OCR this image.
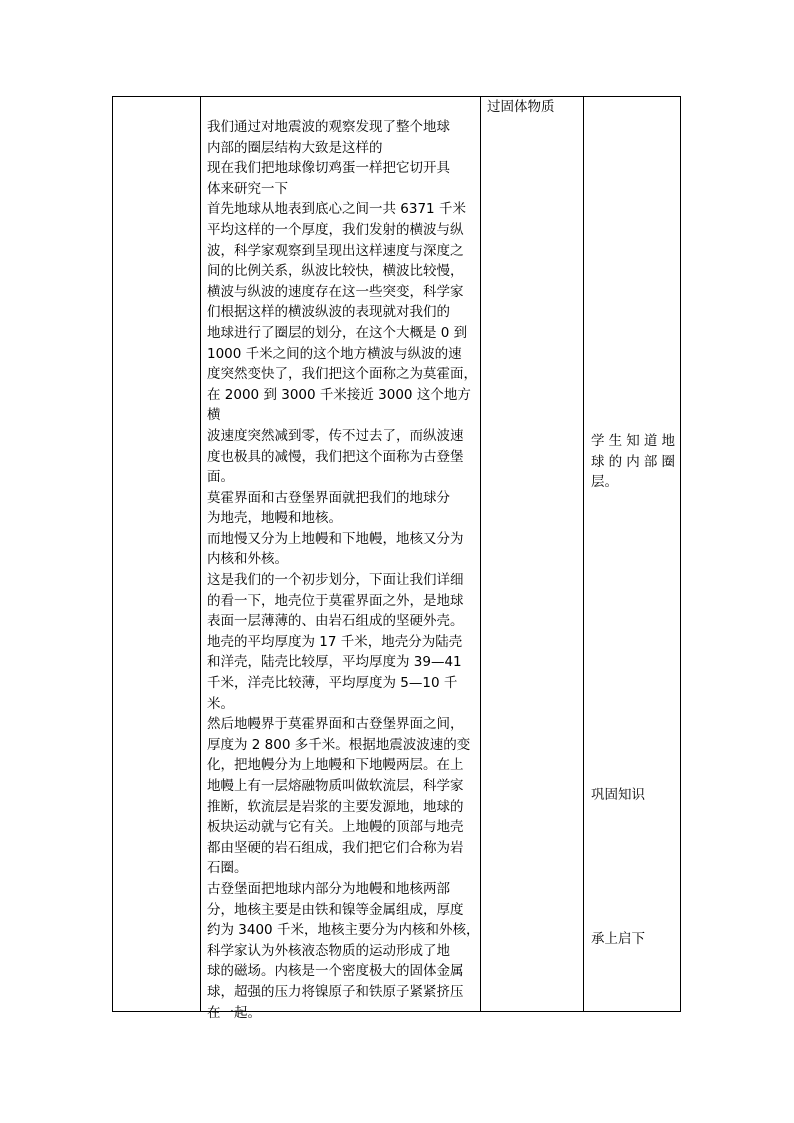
过固体物质

我们通过对地震波的观察发现了整个地球
内部的圈层结构大致是这样的

现在我们把地球像切鸡蛋一样把它切开具
体来研究一下

首先地球从地表到底心之间一共 6371 千米
平均这样的一个厚度，我们发射的横波与纵
波，科学家观察到呈现出这样速度与深度之
间的比例关系，纵波比较快，横波比较慢，
横波与纵波的速度存在这一些突变，科学家
们根据这样的横波纵波的表现就对我们的
地球进行了圈层的划分，在这个大概是 0 到
1000 千米之间的这个地方横波与纵波的速
度突然变快了，我们把这个面称之为莫霍面，
在 2000 到 3000 千米接近 3000 这个地方横
波速度突然减到零，传不过去了，而纵波速
度也极具的减慢，我们把这个面称为古登堡
面。

莫霍界面和古登堡界面就把我们的地球分
为地壳，地幔和地核。

而地慢又分为上地幔和下地幔，地核又分为
内核和外核。

这是我们的一个初步划分，下面让我们详细
的看一下，地壳位于莫霍界面之外，是地球
表面一层薄薄的、由岩石组成的坚硬外壳。

地壳的平均厚度为 17 千米，地壳分为陆壳
和洋壳，陆壳比较厚，平均厚度为 39—41
千米，洋壳比较薄，平均厚度为 5—10 千米。

然后地幔界于莫霍界面和古登堡界面之间，
厚度为 2 800 多千米。根据地震波波速的变
化，把地幔分为上地幔和下地幔两层。在上
地幔上有一层熔融物质叫做软流层，科学家
推断，软流层是岩浆的主要发源地，地球的
板块运动就与它有关。上地幔的顶部与地壳
都由坚硬的岩石组成，我们把它们合称为岩
石圈。

古登堡面把地球内部分为地幔和地核两部
分，地核主要是由铁和镍等金属组成，厚度
约为 3400 千米，地核主要分为内核和外核，
科学家认为外核液态物质的运动形成了地
球的磁场。内核是一个密度极大的固体金属
球，超强的压力将镍原子和铁原子紧紧挤压
在一起。

学生知道地
球的内部圈
层。
巩固知识
承上启下
